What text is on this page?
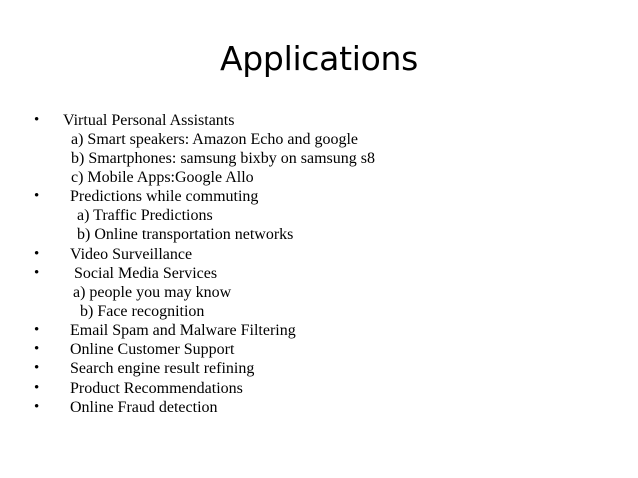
Applications
• Virtual Personal Assistants
a) Smart speakers: Amazon Echo and google
b) Smartphones: samsung bixby on samsung s8
c) Mobile Apps:Google Allo
• Predictions while commuting
a) Traffic Predictions
b) Online transportation networks
• Video Surveillance
• Social Media Services
a) people you may know
b) Face recognition
• Email Spam and Malware Filtering
• Online Customer Support
• Search engine result refining
• Product Recommendations
• Online Fraud detection
